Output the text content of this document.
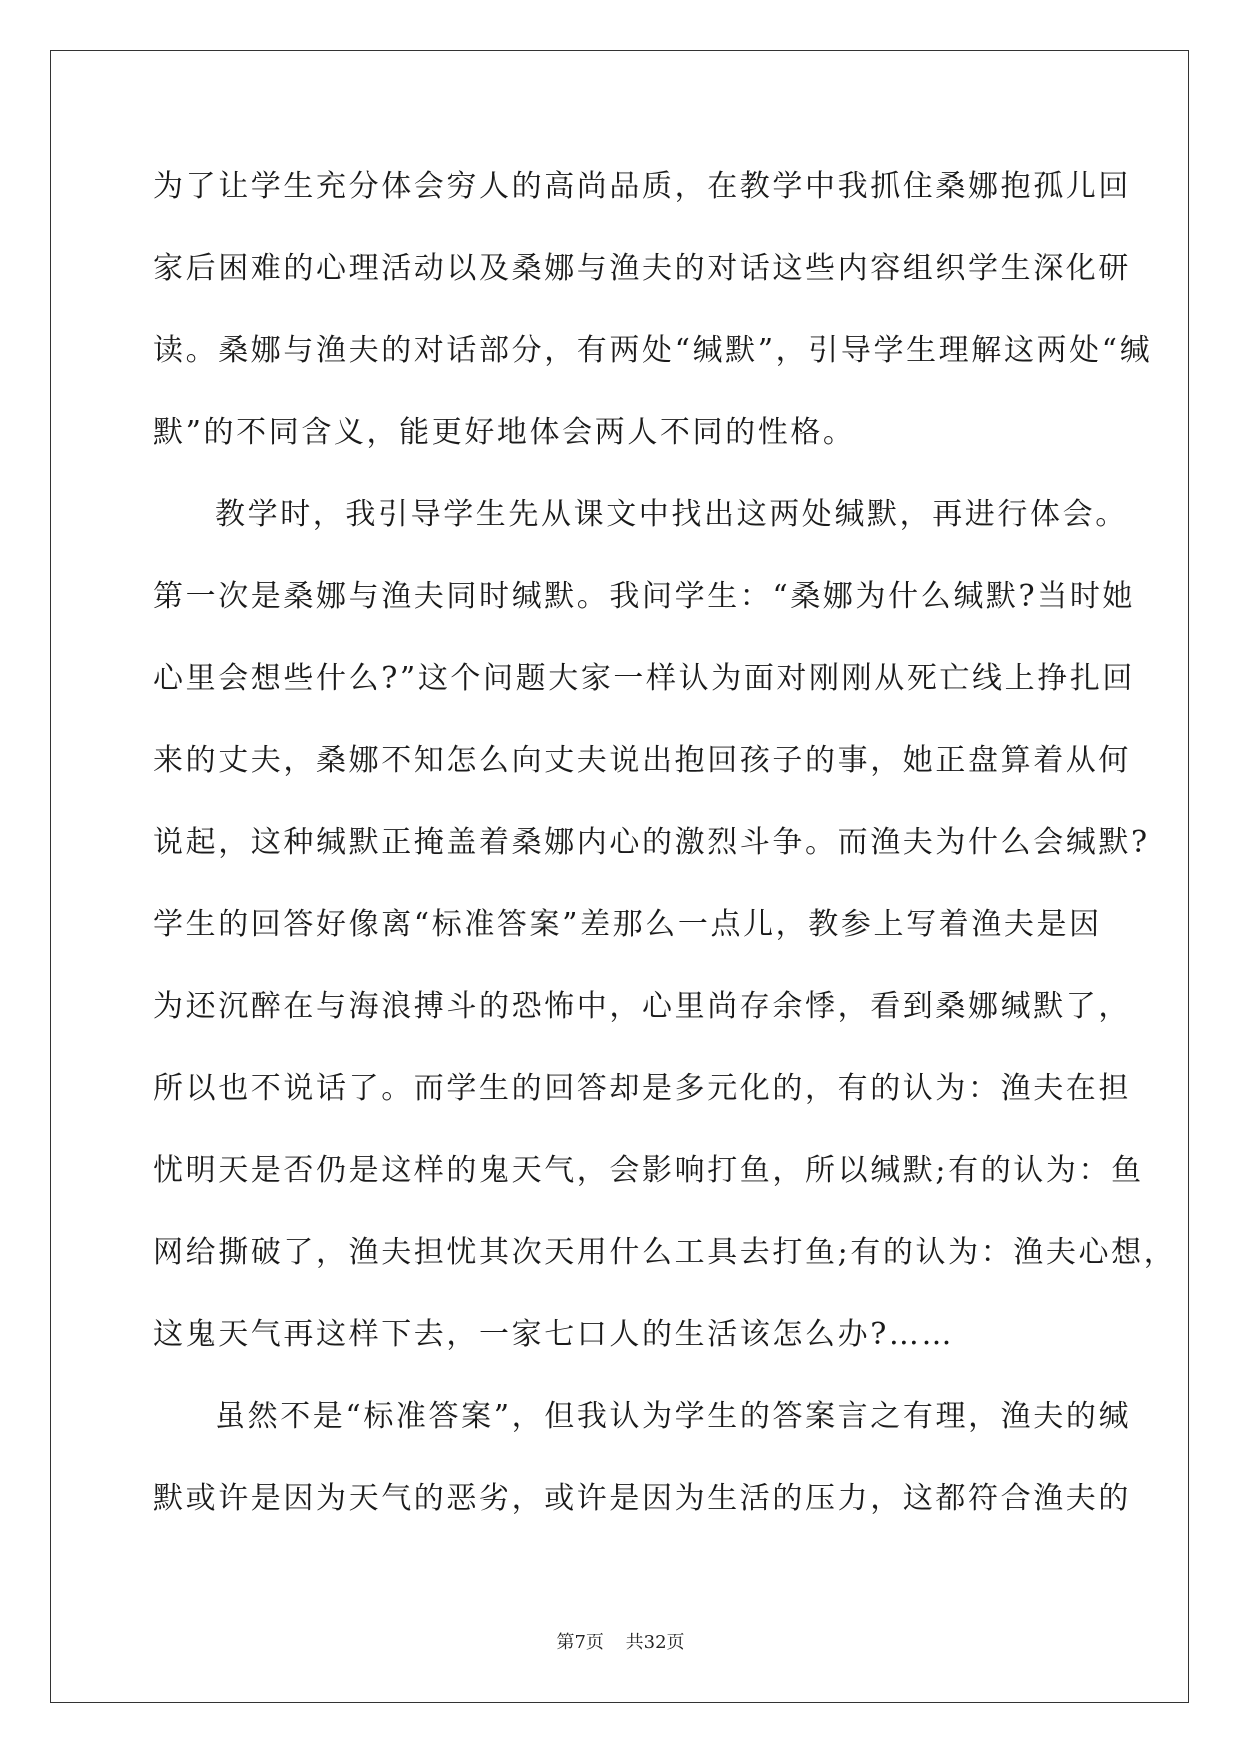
为了让学生充分体会穷人的高尚品质，在教学中我抓住桑娜抱孤儿回
家后困难的心理活动以及桑娜与渔夫的对话这些内容组织学生深化研
读。桑娜与渔夫的对话部分，有两处“缄默”，引导学生理解这两处“缄
默”的不同含义，能更好地体会两人不同的性格。
教学时，我引导学生先从课文中找出这两处缄默，再进行体会。
第一次是桑娜与渔夫同时缄默。我问学生：“桑娜为什么缄默?当时她
心里会想些什么?”这个问题大家一样认为面对刚刚从死亡线上挣扎回
来的丈夫，桑娜不知怎么向丈夫说出抱回孩子的事，她正盘算着从何
说起，这种缄默正掩盖着桑娜内心的激烈斗争。而渔夫为什么会缄默?
学生的回答好像离“标准答案”差那么一点儿，教参上写着渔夫是因
为还沉醉在与海浪搏斗的恐怖中，心里尚存余悸，看到桑娜缄默了，
所以也不说话了。而学生的回答却是多元化的，有的认为：渔夫在担
忧明天是否仍是这样的鬼天气，会影响打鱼，所以缄默;有的认为：鱼
网给撕破了，渔夫担忧其次天用什么工具去打鱼;有的认为：渔夫心想，
这鬼天气再这样下去，一家七口人的生活该怎么办?……
虽然不是“标准答案”，但我认为学生的答案言之有理，渔夫的缄
默或许是因为天气的恶劣，或许是因为生活的压力，这都符合渔夫的
第7页 共32页
